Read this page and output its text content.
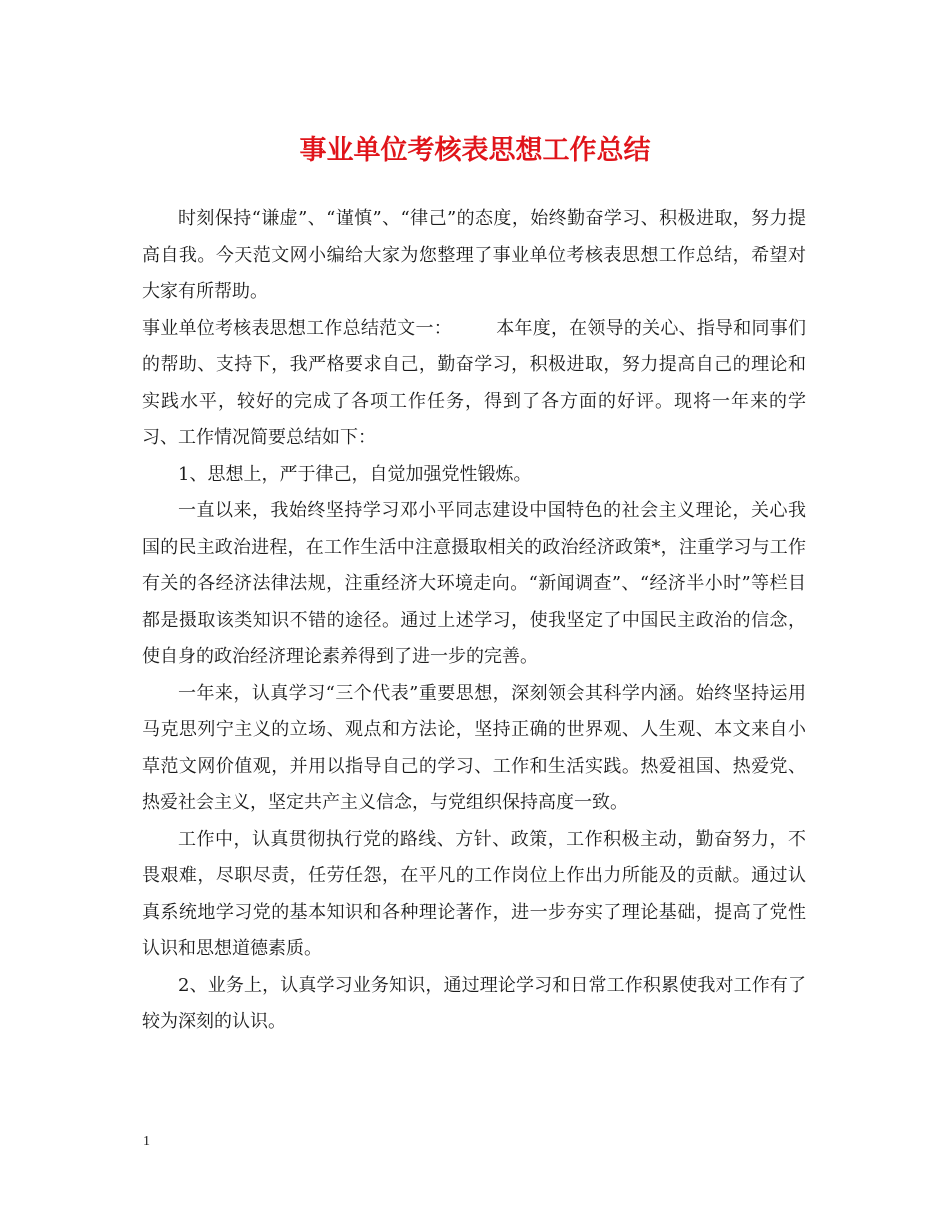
事业单位考核表思想工作总结

时刻保持“谦虚”、“谨慎”、“律己”的态度，始终勤奋学习、积极进取，努力提高自我。今天范文网小编给大家为您整理了事业单位考核表思想工作总结，希望对大家有所帮助。

事业单位考核表思想工作总结范文一： 本年度，在领导的关心、指导和同事们的帮助、支持下，我严格要求自己，勤奋学习，积极进取，努力提高自己的理论和实践水平，较好的完成了各项工作任务，得到了各方面的好评。现将一年来的学习、工作情况简要总结如下：

1、思想上，严于律己，自觉加强党性锻炼。

一直以来，我始终坚持学习邓小平同志建设中国特色的社会主义理论，关心我国的民主政治进程，在工作生活中注意摄取相关的政治经济政策*，注重学习与工作有关的各经济法律法规，注重经济大环境走向。“新闻调查”、“经济半小时”等栏目都是摄取该类知识不错的途径。通过上述学习，使我坚定了中国民主政治的信念，使自身的政治经济理论素养得到了进一步的完善。

一年来，认真学习“三个代表”重要思想，深刻领会其科学内涵。始终坚持运用马克思列宁主义的立场、观点和方法论，坚持正确的世界观、人生观、本文来自小草范文网价值观，并用以指导自己的学习、工作和生活实践。热爱祖国、热爱党、热爱社会主义，坚定共产主义信念，与党组织保持高度一致。

工作中，认真贯彻执行党的路线、方针、政策，工作积极主动，勤奋努力，不畏艰难，尽职尽责，任劳任怨，在平凡的工作岗位上作出力所能及的贡献。通过认真系统地学习党的基本知识和各种理论著作，进一步夯实了理论基础，提高了党性认识和思想道德素质。

2、业务上，认真学习业务知识，通过理论学习和日常工作积累使我对工作有了较为深刻的认识。

1
